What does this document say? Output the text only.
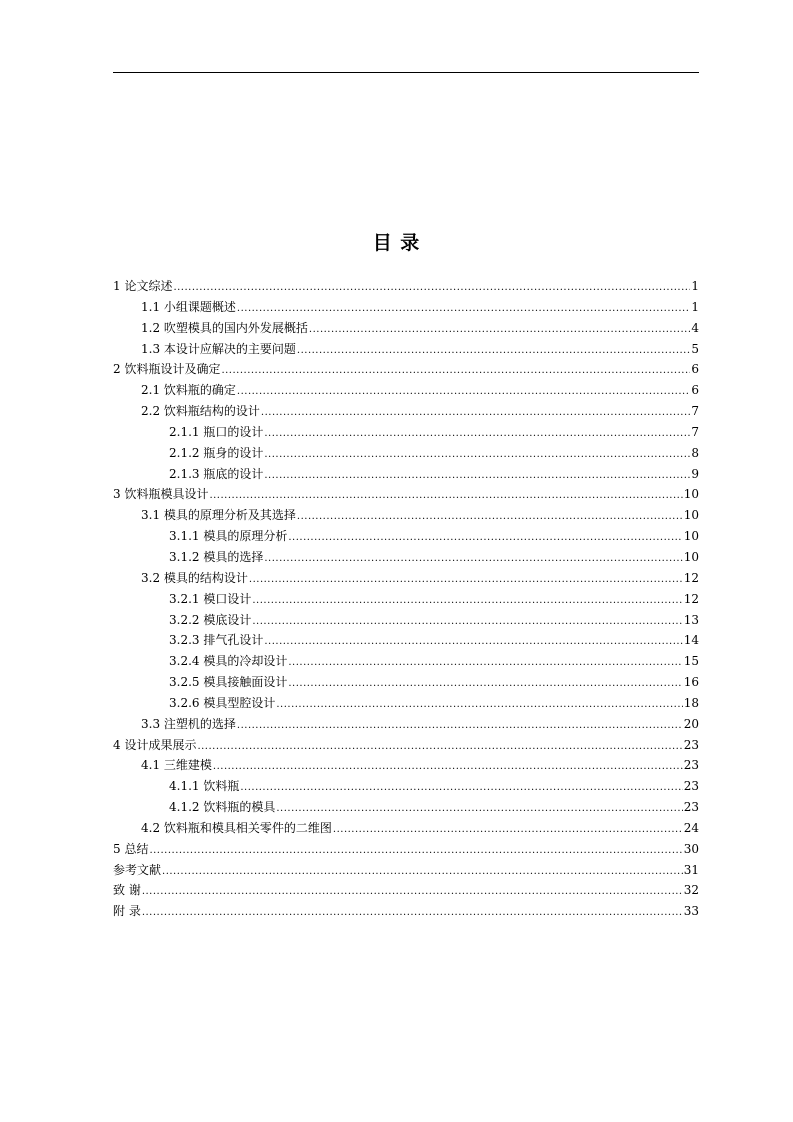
目 录
1 论文综述 .....	1
1.1 小组课题概述 .....	1
1.2 吹塑模具的国内外发展概括 .....	4
1.3 本设计应解决的主要问题 .....	5
2 饮料瓶设计及确定 .....	6
2.1 饮料瓶的确定 .....	6
2.2 饮料瓶结构的设计 .....	7
2.1.1 瓶口的设计 .....	7
2.1.2 瓶身的设计 .....	8
2.1.3 瓶底的设计 .....	9
3 饮料瓶模具设计 .....	10
3.1 模具的原理分析及其选择 .....	10
3.1.1 模具的原理分析 .....	10
3.1.2 模具的选择 .....	10
3.2 模具的结构设计 .....	12
3.2.1 模口设计 .....	12
3.2.2 模底设计 .....	13
3.2.3 排气孔设计 .....	14
3.2.4 模具的冷却设计 .....	15
3.2.5 模具接触面设计 .....	16
3.2.6 模具型腔设计 .....	18
3.3 注塑机的选择 .....	20
4 设计成果展示 .....	23
4.1 三维建模 .....	23
4.1.1 饮料瓶 .....	23
4.1.2 饮料瓶的模具 .....	23
4.2 饮料瓶和模具相关零件的二维图 .....	24
5 总结 .....	30
参考文献 .....	31
致 谢 .....	32
附 录 .....	33
